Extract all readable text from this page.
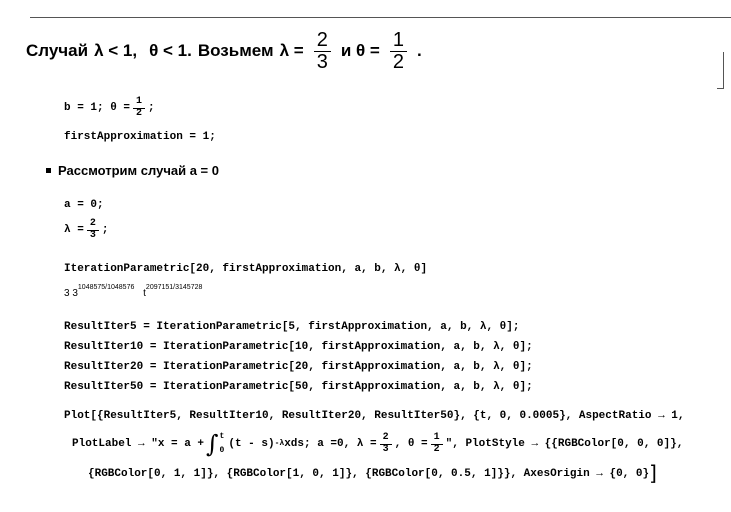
Случай λ < 1, θ < 1. Возьмем $\lambda = \frac{2}{3}$ и $\theta = \frac{1}{2}$ .
b = 1; $\theta = \frac{1}{2}$ ;
firstApproximation = 1;
Рассмотрим случай a = 0
a = 0;
$\lambda = \frac{2}{3}$ ;
IterationParametric[20, firstApproximation, a, b, λ, θ]
3 $3^{1048575/1048576}$ $t^{2097151/3145728}$
ResultIter5 = IterationParametric[5, firstApproximation, a, b, λ, θ];
ResultIter10 = IterationParametric[10, firstApproximation, a, b, λ, θ];
ResultIter20 = IterationParametric[20, firstApproximation, a, b, λ, θ];
ResultIter50 = IterationParametric[50, firstApproximation, a, b, λ, θ];
Plot[{ResultIter5, ResultIter10, ResultIter20, ResultIter50}, {t, 0, 0.0005}, AspectRatio → 1,
PlotLabel → "x = a + ∫ t
0
(t - s) -λ xds; a =0, $\lambda = \frac{2}{3}$ , $\theta = \frac{1}{2}$ ", PlotStyle → {{RGBColor[0, 0, 0]},
{RGBColor[0, 1, 1]}, {RGBColor[1, 0, 1]}, {RGBColor[0, 0.5, 1]}}, AxesOrigin → {0, 0}]
